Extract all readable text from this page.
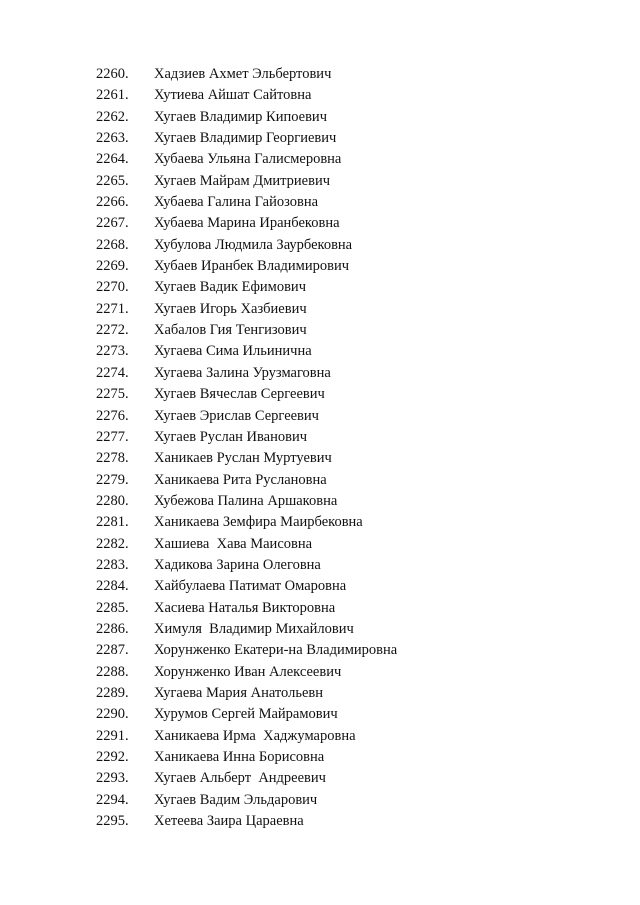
2260.	Хадзиев Ахмет Эльбертович
2261.	Хутиева Айшат Сайтовна
2262.	Хугаев Владимир Кипоевич
2263.	Хугаев Владимир Георгиевич
2264.	Хубаева Ульяна Галисмеровна
2265.	Хугаев Майрам Дмитриевич
2266.	Хубаева Галина Гайозовна
2267.	Хубаева Марина Иранбековна
2268.	Хубулова Людмила Заурбековна
2269.	Хубаев Иранбек Владимирович
2270.	Хугаев Вадик Ефимович
2271.	Хугаев Игорь Хазбиевич
2272.	Хабалов Гия Тенгизович
2273.	Хугаева Сима Ильинична
2274.	Хугаева Залина Урузмаговна
2275.	Хугаев Вячеслав Сергеевич
2276.	Хугаев Эрислав Сергеевич
2277.	Хугаев Руслан Иванович
2278.	Ханикаев Руслан Муртуевич
2279.	Ханикаева Рита Руслановна
2280.	Хубежова Палина Аршаковна
2281.	Ханикаева Земфира Маирбековна
2282.	Хашиева  Хава Маисовна
2283.	Хадикова Зарина Олеговна
2284.	Хайбулаева Патимат Омаровна
2285.	Хасиева Наталья Викторовна
2286.	Химуля  Владимир Михайлович
2287.	Хорунженко Екатери-на Владимировна
2288.	Хорунженко Иван Алексеевич
2289.	Хугаева Мария Анатольевн
2290.	Хурумов Сергей Майрамович
2291.	Ханикаева Ирма  Хаджумаровна
2292.	Ханикаева Инна Борисовна
2293.	Хугаев Альберт  Андреевич
2294.	Хугаев Вадим Эльдарович
2295.	Хетеева Заира Цараевна
